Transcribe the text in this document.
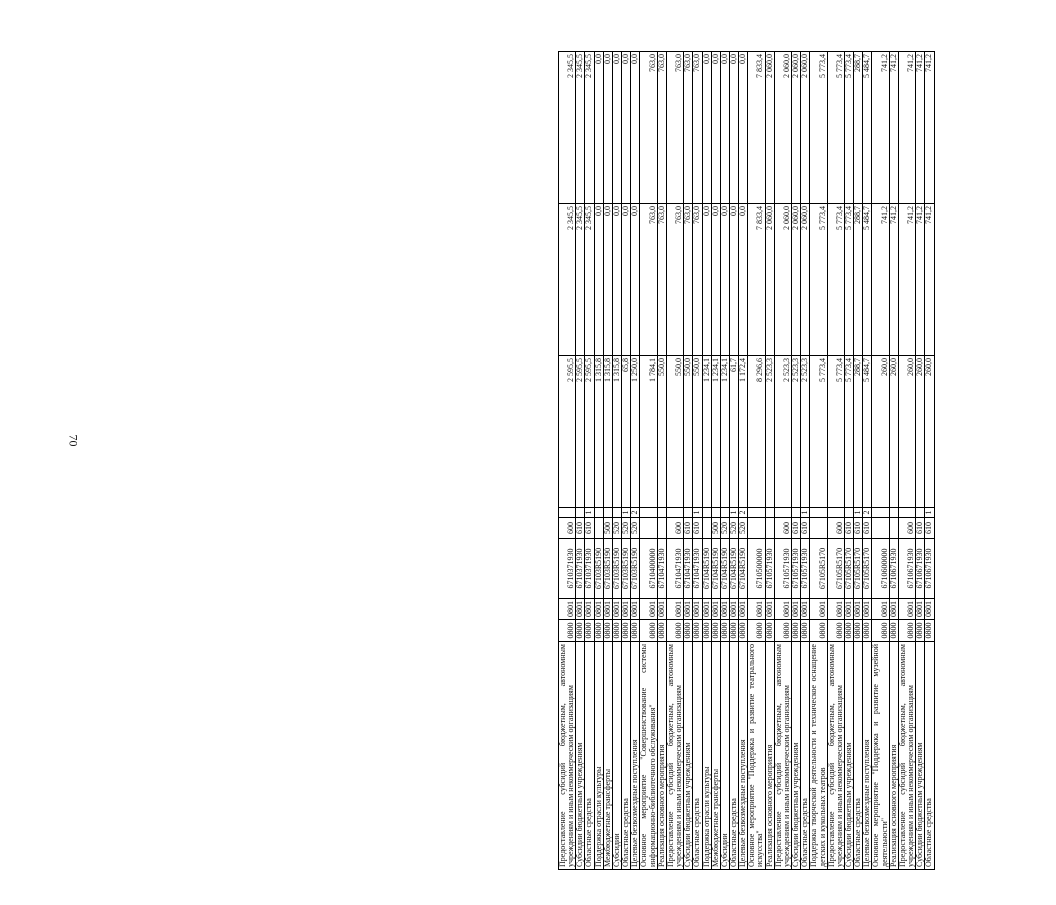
70
Предоставление субсидий бюджетным, автономным учреждениям и иным некоммерческим организациям	0800	0801	6710371930	600		2 595,5	2 345,5	2 345,5
Субсидии бюджетным учреждениям	0800	0801	6710371930	610		2 595,5	2 345,5	2 345,5
Областные средства	0800	0801	6710371930	610	1	2 595,5	2 345,5	2 345,5
Поддержка отрасли культуры	0800	0801	67103R5190			1 315,8	0,0	0,0
Межбюджетные трансферты	0800	0801	67103R5190	500		1 315,8	0,0	0,0
Субсидии	0800	0801	67103R5190	520		1 315,8	0,0	0,0
Областные средства	0800	0801	67103R5190	520	1	65,8	0,0	0,0
Целевые безвозмездные поступления	0800	0801	67103R5190	520	2	1 250,0	0,0	0,0
Основное мероприятие "Совершенствование системы информационно-библиотечного обслуживания"	0800	0801	6710400000			1 784,1	763,0	763,0
Реализация основного мероприятия	0800	0801	6710471930			550,0	763,0	763,0
Предоставление субсидий бюджетным, автономным учреждениям и иным некоммерческим организациям	0800	0801	6710471930	600		550,0	763,0	763,0
Субсидии бюджетным учреждениям	0800	0801	6710471930	610		550,0	763,0	763,0
Областные средства	0800	0801	6710471930	610	1	550,0	763,0	763,0
Поддержка отрасли культуры	0800	0801	67104R5190			1 234,1	0,0	0,0
Межбюджетные трансферты	0800	0801	67104R5190	500		1 234,1	0,0	0,0
Субсидии	0800	0801	67104R5190	520		1 234,1	0,0	0,0
Областные средства	0800	0801	67104R5190	520	1	61,7	0,0	0,0
Целевые безвозмездные поступления	0800	0801	67104R5190	520	2	1 172,4	0,0	0,0
Основное мероприятие "Поддержка и развитие театрального искусства"	0800	0801	6710500000			8 296,6	7 833,4	7 833,4
Реализация основного мероприятия	0800	0801	6710571930			2 523,3	2 060,0	2 060,0
Предоставление субсидий бюджетным, автономным учреждениям и иным некоммерческим организациям	0800	0801	6710571930	600		2 523,3	2 060,0	2 060,0
Субсидии бюджетным учреждениям	0800	0801	6710571930	610		2 523,3	2 060,0	2 060,0
Областные средства	0800	0801	6710571930	610	1	2 523,3	2 060,0	2 060,0
Поддержка творческой деятельности и техническое оснащение детских и кукольных театров	0800	0801	67105R5170			5 773,4	5 773,4	5 773,4
Предоставление субсидий бюджетным, автономным учреждениям и иным некоммерческим организациям	0800	0801	67105R5170	600		5 773,4	5 773,4	5 773,4
Субсидии бюджетным учреждениям	0800	0801	67105R5170	610		5 773,4	5 773,4	5 773,4
Областные средства	0800	0801	67105R5170	610	1	288,7	288,7	288,7
Целевые безвозмездные поступления	0800	0801	67105R5170	610	2	5 484,7	5 484,7	5 484,7
Основное мероприятие "Поддержка и развитие музейной деятельности"	0800	0801	6710600000			260,0	741,2	741,2
Реализация основного мероприятия	0800	0801	6710671930			260,0	741,2	741,2
Предоставление субсидий бюджетным, автономным учреждениям и иным некоммерческим организациям	0800	0801	6710671930	600		260,0	741,2	741,2
Субсидии бюджетным учреждениям	0800	0801	6710671930	610		260,0	741,2	741,2
Областные средства	0800	0801	6710671930	610	1	260,0	741,2	741,2
